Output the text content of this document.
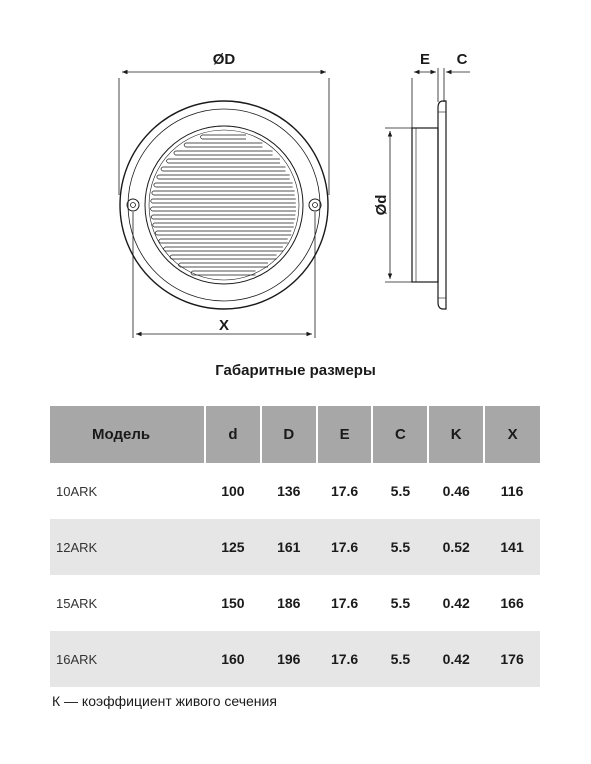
ØD
X
Ød
E C
Габаритные размеры
Модель	d	D	E	C	K	X
10ARK	100	136	17.6	5.5	0.46	116
12ARK	125	161	17.6	5.5	0.52	141
15ARK	150	186	17.6	5.5	0.42	166
16ARK	160	196	17.6	5.5	0.42	176
К — коэффициент живого сечения
